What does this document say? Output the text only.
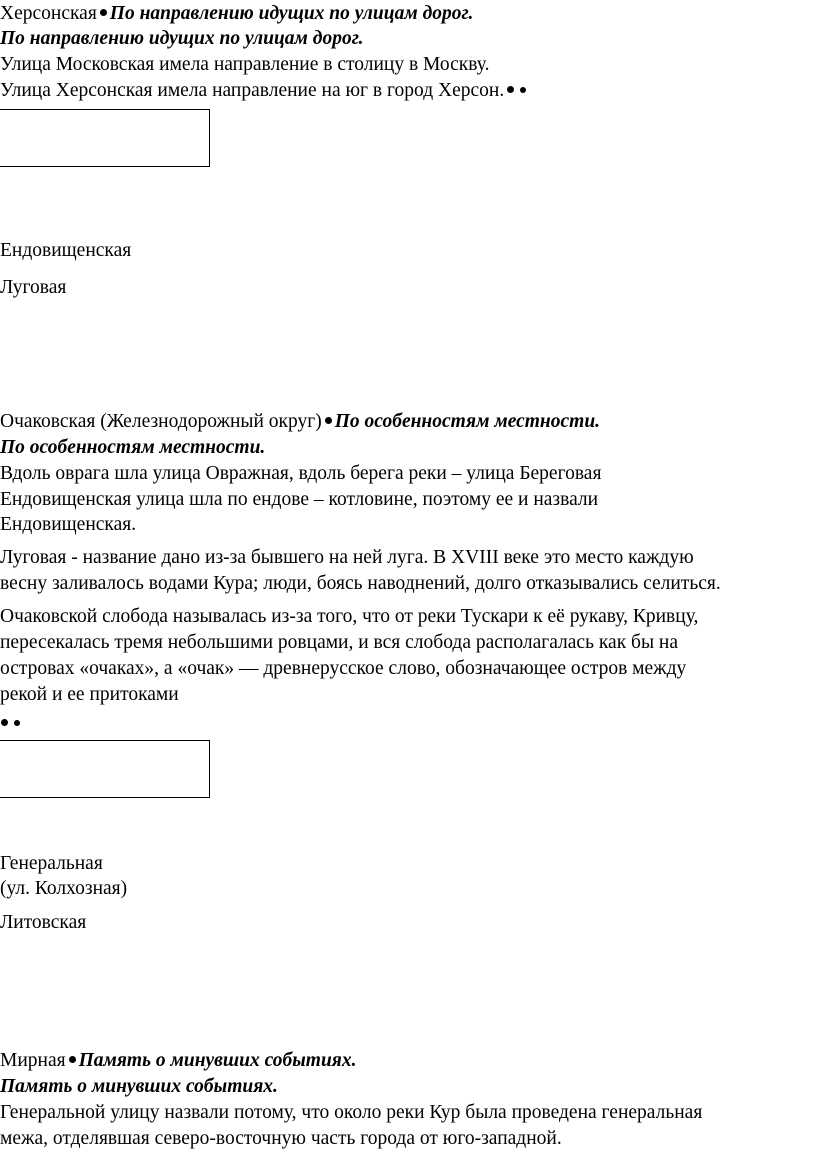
Херсонская По направлению идущих по улицам дорог.
По направлению идущих по улицам дорог.
Улица Московская имела направление в столицу в Москву.
Улица Херсонская имела направление на юг в город Херсон.
Ендовищенская
Луговая
Очаковская (Железнодорожный округ) По особенностям местности.
По особенностям местности.
Вдоль оврага шла улица Овражная, вдоль берега реки – улица Береговая
Ендовищенская улица шла по ендове – котловине, поэтому ее и назвали
Ендовищенская.
Луговая - название дано из-за бывшего на ней луга. В XVIII веке это место каждую
весну заливалось водами Кура; люди, боясь наводнений, долго отказывались селиться.
Очаковской слобода называлась из-за того, что от реки Тускари к её рукаву, Кривцу,
пересекалась тремя небольшими ровцами, и вся слобода располагалась как бы на
островах «очаках», а «очак» — древнерусское слово, обозначающее остров между
рекой и ее притоками
Генеральная
(ул. Колхозная)
Литовская
Мирная Память о минувших событиях.
Память о минувших событиях.
Генеральной улицу назвали потому, что около реки Кур была проведена генеральная
межа, отделявшая северо-восточную часть города от юго-западной.
